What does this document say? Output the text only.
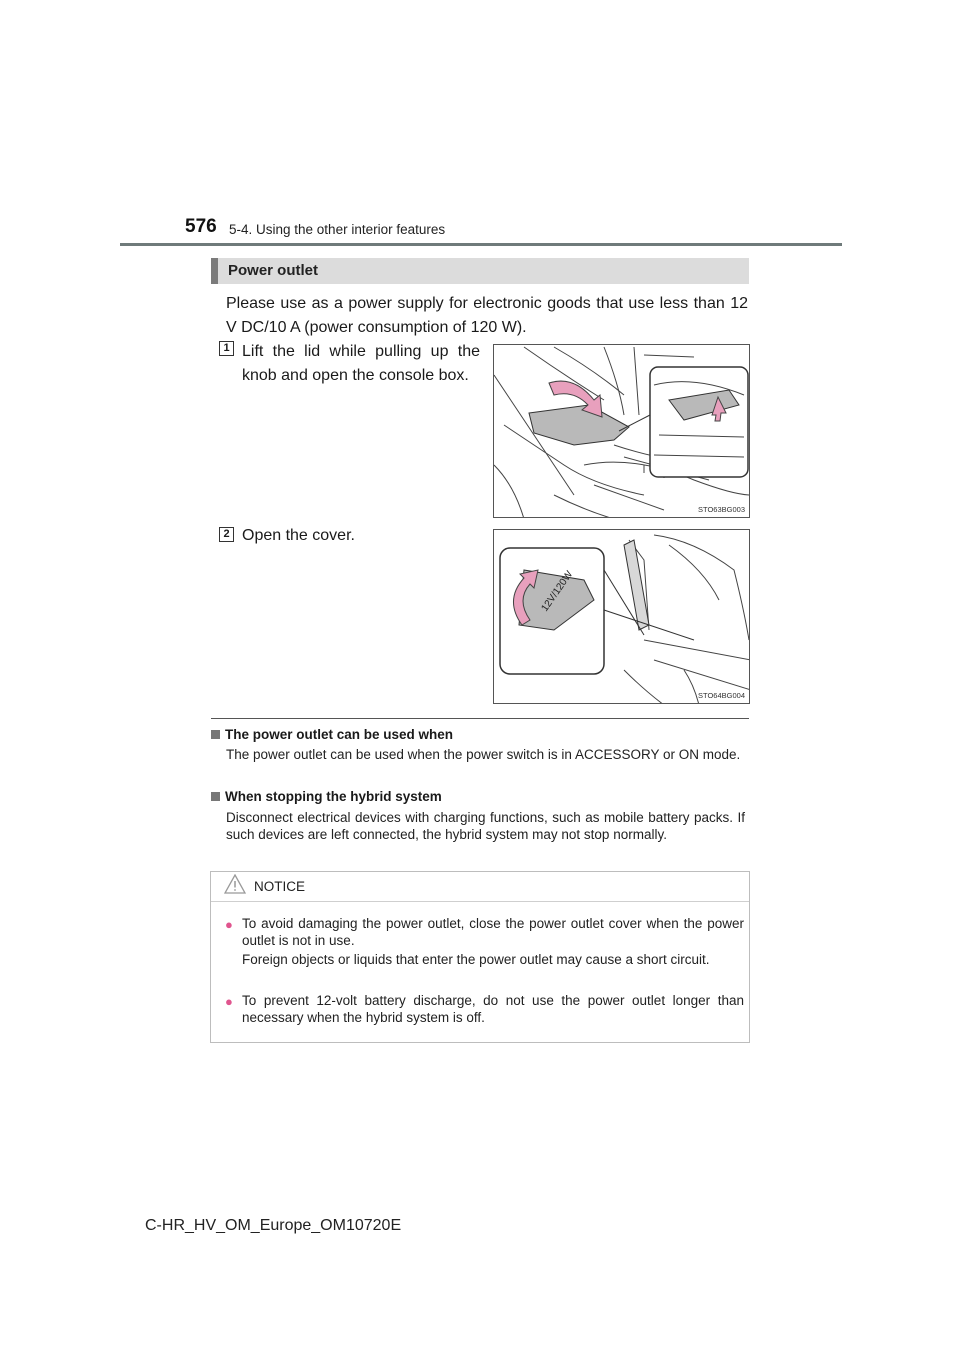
576 5-4. Using the other interior features
Power outlet
Please use as a power supply for electronic goods that use less than 12 V DC/10 A (power consumption of 120 W).
1 Lift the lid while pulling up the knob and open the console box.
STO63BG003
2 Open the cover.
12V/120W
STO64BG004
The power outlet can be used when
The power outlet can be used when the power switch is in ACCESSORY or ON mode.
When stopping the hybrid system
Disconnect electrical devices with charging functions, such as mobile battery packs. If such devices are left connected, the hybrid system may not stop normally.
NOTICE
● To avoid damaging the power outlet, close the power outlet cover when the power outlet is not in use.
Foreign objects or liquids that enter the power outlet may cause a short circuit.
● To prevent 12-volt battery discharge, do not use the power outlet longer than necessary when the hybrid system is off.
C-HR_HV_OM_Europe_OM10720E
